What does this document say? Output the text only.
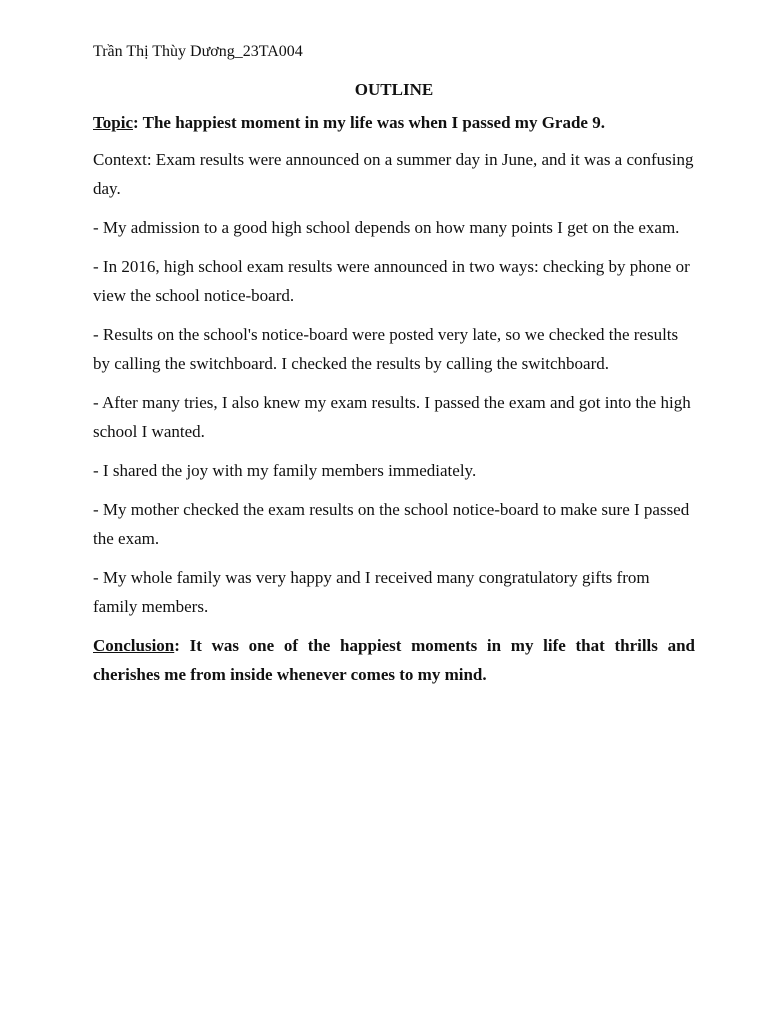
Trần Thị Thùy Dương_23TA004

OUTLINE

Topic: The happiest moment in my life was when I passed my Grade 9.

Context: Exam results were announced on a summer day in June, and it was a confusing day.

- My admission to a good high school depends on how many points I get on the exam.

- In 2016, high school exam results were announced in two ways: checking by phone or view the school notice-board.

- Results on the school's notice-board were posted very late, so we checked the results by calling the switchboard. I checked the results by calling the switchboard.

- After many tries, I also knew my exam results. I passed the exam and got into the high school I wanted.

- I shared the joy with my family members immediately.

- My mother checked the exam results on the school notice-board to make sure I passed the exam.

- My whole family was very happy and I received many congratulatory gifts from family members.

Conclusion: It was one of the happiest moments in my life that thrills and cherishes me from inside whenever comes to my mind.
